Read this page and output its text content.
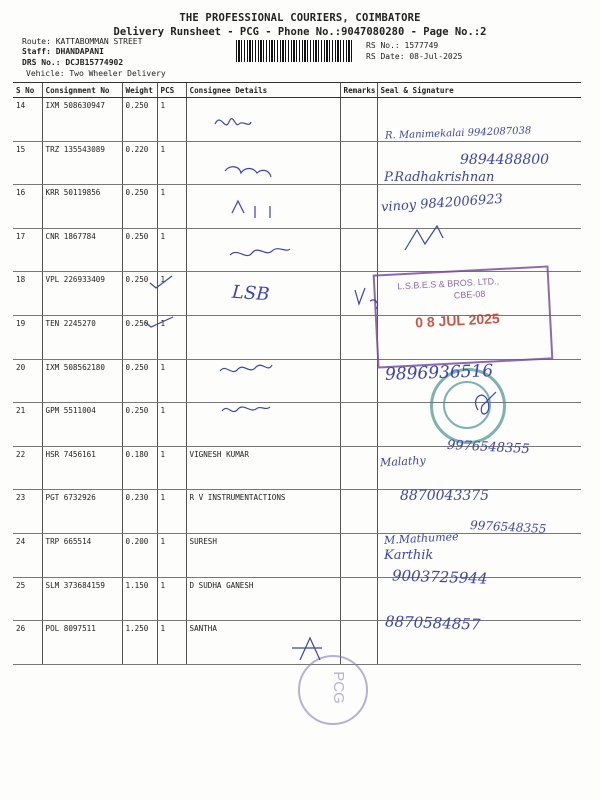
THE PROFESSIONAL COURIERS, COIMBATORE
Delivery Runsheet - PCG - Phone No.:9047080280 - Page No.:2
Route: KATTABOMMAN STREET
Staff: DHANDAPANI
DRS No.: DCJB15774902
Vehicle: Two Wheeler Delivery
RS No.: 1577749
RS Date: 08-Jul-2025
S No	Consignment No	Weight	PCS	Consignee Details	Remarks	Seal & Signature
14	IXM 508630947	0.250	1			
15	TRZ 135543089	0.220	1			
16	KRR 50119856	0.250	1			
17	CNR 1867784	0.250	1			
18	VPL 226933409	0.250	1			
19	TEN 2245270	0.250	1			
20	IXM 508562180	0.250	1			
21	GPM 5511004	0.250	1			
22	HSR 7456161	0.180	1	VIGNESH KUMAR		
23	PGT 6732926	0.230	1	R V INSTRUMENTACTIONS		
24	TRP 665514	0.200	1	SURESH		
25	SLM 373684159	1.150	1	D SUDHA GANESH		
26	POL 8097511	1.250	1	SANTHA		
L.S.B.E.S & BROS. LTD.,
CBE-08
0 8 JUL 2025
PCG
R. Manimekalai 9942087038
9894488800
P.Radhakrishnan
vinoy 9842006923
9896936516
9976548355
Malathy
8870043375
9976548355
M.Mathumee
Karthik
9003725944
8870584857
LSB
